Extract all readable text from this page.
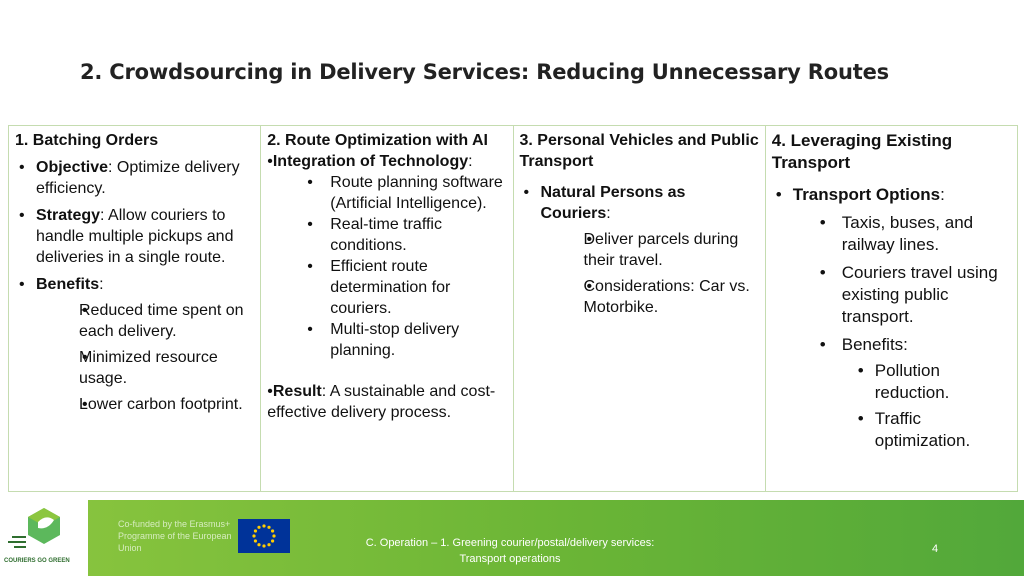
2. Crowdsourcing in Delivery Services: Reducing Unnecessary Routes
1. Batching Orders
• Objective: Optimize delivery efficiency.
• Strategy: Allow couriers to handle multiple pickups and deliveries in a single route.
• Benefits:
• Reduced time spent on each delivery.
• Minimized resource usage.
• Lower carbon footprint.
2. Route Optimization with AI
• Integration of Technology:
• Route planning software (Artificial Intelligence).
• Real-time traffic conditions.
• Efficient route determination for couriers.
• Multi-stop delivery planning.
• Result: A sustainable and cost-effective delivery process.
3. Personal Vehicles and Public Transport
• Natural Persons as Couriers:
• Deliver parcels during their travel.
• Considerations: Car vs. Motorbike.
4. Leveraging Existing Transport
• Transport Options:
• Taxis, buses, and railway lines.
• Couriers travel using existing public transport.
• Benefits:
• Pollution reduction.
• Traffic optimization.
COURIERS GO GREEN
Co-funded by the Erasmus+ Programme of the European Union	C. Operation – 1. Greening courier/postal/delivery services:
Transport operations
4
